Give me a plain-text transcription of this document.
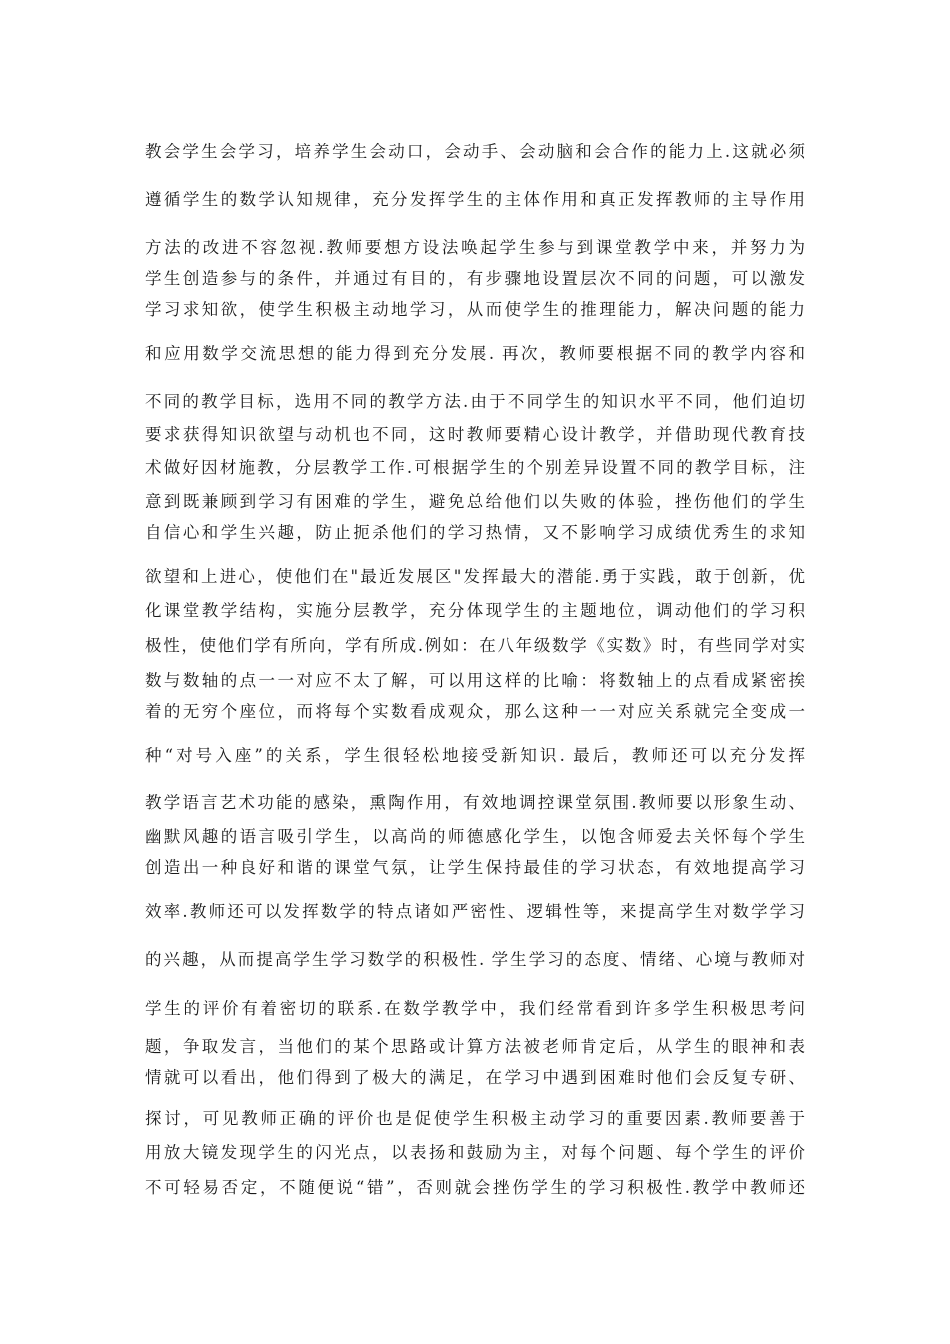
教会学生会学习，培养学生会动口，会动手、会动脑和会合作的能力上.这就必须
遵循学生的数学认知规律，充分发挥学生的主体作用和真正发挥教师的主导作用
方法的改进不容忽视.教师要想方设法唤起学生参与到课堂教学中来，并努力为
学生创造参与的条件，并通过有目的，有步骤地设置层次不同的问题，可以激发
学习求知欲，使学生积极主动地学习，从而使学生的推理能力，解决问题的能力
和应用数学交流思想的能力得到充分发展. 再次，教师要根据不同的教学内容和
不同的教学目标，选用不同的教学方法.由于不同学生的知识水平不同，他们迫切
要求获得知识欲望与动机也不同，这时教师要精心设计教学，并借助现代教育技
术做好因材施教，分层教学工作.可根据学生的个别差异设置不同的教学目标，注
意到既兼顾到学习有困难的学生，避免总给他们以失败的体验，挫伤他们的学生
自信心和学生兴趣，防止扼杀他们的学习热情，又不影响学习成绩优秀生的求知
欲望和上进心，使他们在"最近发展区"发挥最大的潜能.勇于实践，敢于创新，优
化课堂教学结构，实施分层教学，充分体现学生的主题地位，调动他们的学习积
极性，使他们学有所向，学有所成.例如：在八年级数学《实数》时，有些同学对实
数与数轴的点一一对应不太了解，可以用这样的比喻：将数轴上的点看成紧密挨
着的无穷个座位，而将每个实数看成观众，那么这种一一对应关系就完全变成一
种“对号入座”的关系，学生很轻松地接受新知识. 最后，教师还可以充分发挥
教学语言艺术功能的感染，熏陶作用，有效地调控课堂氛围.教师要以形象生动、
幽默风趣的语言吸引学生，以高尚的师德感化学生，以饱含师爱去关怀每个学生
创造出一种良好和谐的课堂气氛，让学生保持最佳的学习状态，有效地提高学习
效率.教师还可以发挥数学的特点诸如严密性、逻辑性等，来提高学生对数学学习
的兴趣，从而提高学生学习数学的积极性. 学生学习的态度、情绪、心境与教师对
学生的评价有着密切的联系.在数学教学中，我们经常看到许多学生积极思考问
题，争取发言，当他们的某个思路或计算方法被老师肯定后，从学生的眼神和表
情就可以看出，他们得到了极大的满足，在学习中遇到困难时他们会反复专研、
探讨，可见教师正确的评价也是促使学生积极主动学习的重要因素.教师要善于
用放大镜发现学生的闪光点，以表扬和鼓励为主，对每个问题、每个学生的评价
不可轻易否定，不随便说“错”，否则就会挫伤学生的学习积极性.教学中教师还
